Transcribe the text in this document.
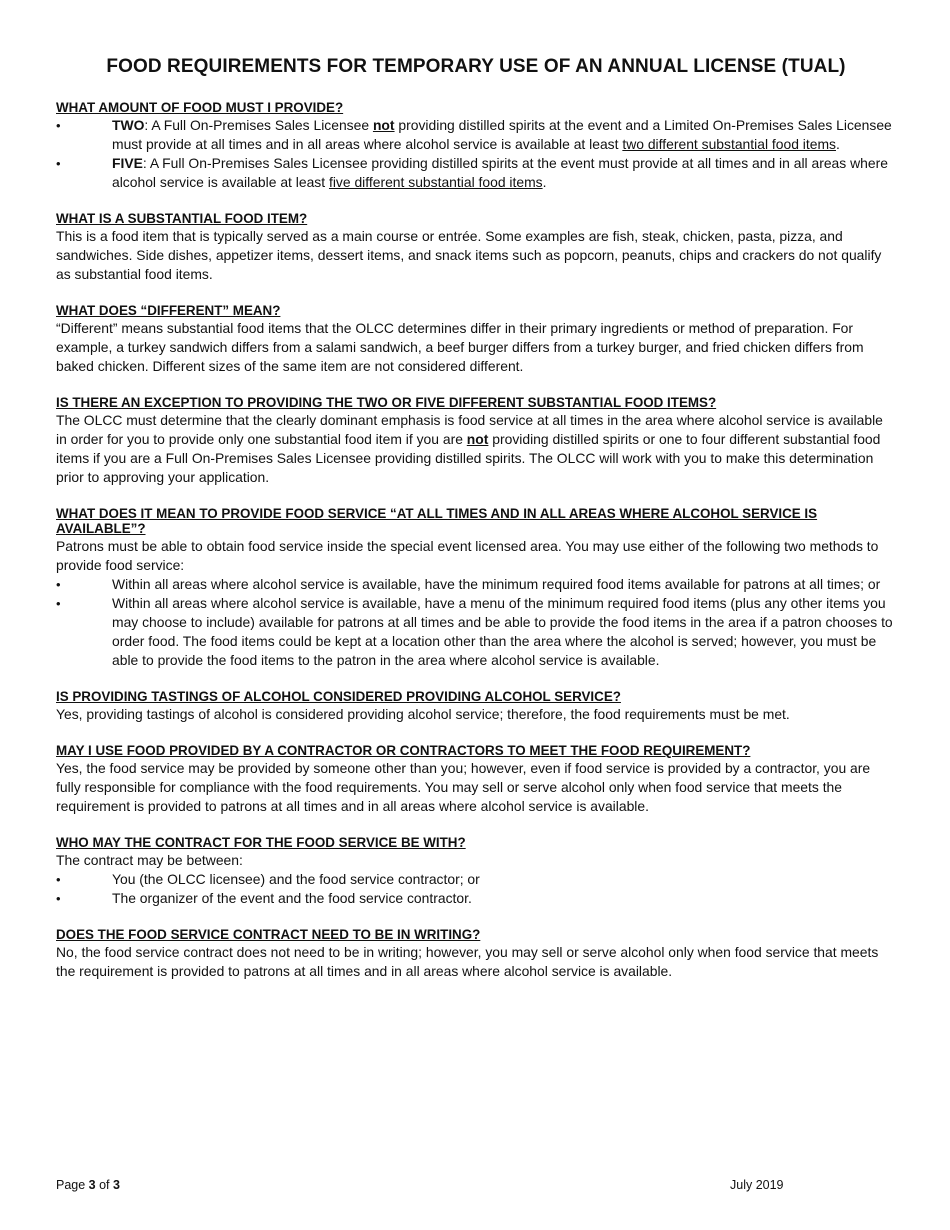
FOOD REQUIREMENTS FOR TEMPORARY USE OF AN ANNUAL LICENSE (TUAL)
WHAT AMOUNT OF FOOD MUST I PROVIDE?
•	TWO: A Full On-Premises Sales Licensee not providing distilled spirits at the event and a Limited On-Premises Sales Licensee must provide at all times and in all areas where alcohol service is available at least two different substantial food items.
•	FIVE: A Full On-Premises Sales Licensee providing distilled spirits at the event must provide at all times and in all areas where alcohol service is available at least five different substantial food items.
WHAT IS A SUBSTANTIAL FOOD ITEM?

This is a food item that is typically served as a main course or entrée. Some examples are fish, steak, chicken, pasta, pizza, and sandwiches. Side dishes, appetizer items, dessert items, and snack items such as popcorn, peanuts, chips and crackers do not qualify as substantial food items.

WHAT DOES “DIFFERENT” MEAN?

“Different” means substantial food items that the OLCC determines differ in their primary ingredients or method of preparation. For example, a turkey sandwich differs from a salami sandwich, a beef burger differs from a turkey burger, and fried chicken differs from baked chicken. Different sizes of the same item are not considered different.

IS THERE AN EXCEPTION TO PROVIDING THE TWO OR FIVE DIFFERENT SUBSTANTIAL FOOD ITEMS?

The OLCC must determine that the clearly dominant emphasis is food service at all times in the area where alcohol service is available in order for you to provide only one substantial food item if you are not providing distilled spirits or one to four different substantial food items if you are a Full On-Premises Sales Licensee providing distilled spirits. The OLCC will work with you to make this determination prior to approving your application.

WHAT DOES IT MEAN TO PROVIDE FOOD SERVICE “AT ALL TIMES AND IN ALL AREAS WHERE ALCOHOL SERVICE IS AVAILABLE”?

Patrons must be able to obtain food service inside the special event licensed area. You may use either of the following two methods to provide food service:

•	Within all areas where alcohol service is available, have the minimum required food items available for patrons at all times; or
•	Within all areas where alcohol service is available, have a menu of the minimum required food items (plus any other items you may choose to include) available for patrons at all times and be able to provide the food items in the area if a patron chooses to order food. The food items could be kept at a location other than the area where the alcohol is served; however, you must be able to provide the food items to the patron in the area where alcohol service is available.
IS PROVIDING TASTINGS OF ALCOHOL CONSIDERED PROVIDING ALCOHOL SERVICE?

Yes, providing tastings of alcohol is considered providing alcohol service; therefore, the food requirements must be met.

MAY I USE FOOD PROVIDED BY A CONTRACTOR OR CONTRACTORS TO MEET THE FOOD REQUIREMENT?

Yes, the food service may be provided by someone other than you; however, even if food service is provided by a contractor, you are fully responsible for compliance with the food requirements. You may sell or serve alcohol only when food service that meets the requirement is provided to patrons at all times and in all areas where alcohol service is available.

WHO MAY THE CONTRACT FOR THE FOOD SERVICE BE WITH?

The contract may be between:

•	You (the OLCC licensee) and the food service contractor; or
•	The organizer of the event and the food service contractor.
DOES THE FOOD SERVICE CONTRACT NEED TO BE IN WRITING?

No, the food service contract does not need to be in writing; however, you may sell or serve alcohol only when food service that meets the requirement is provided to patrons at all times and in all areas where alcohol service is available.

Page 3 of 3	July 2019
